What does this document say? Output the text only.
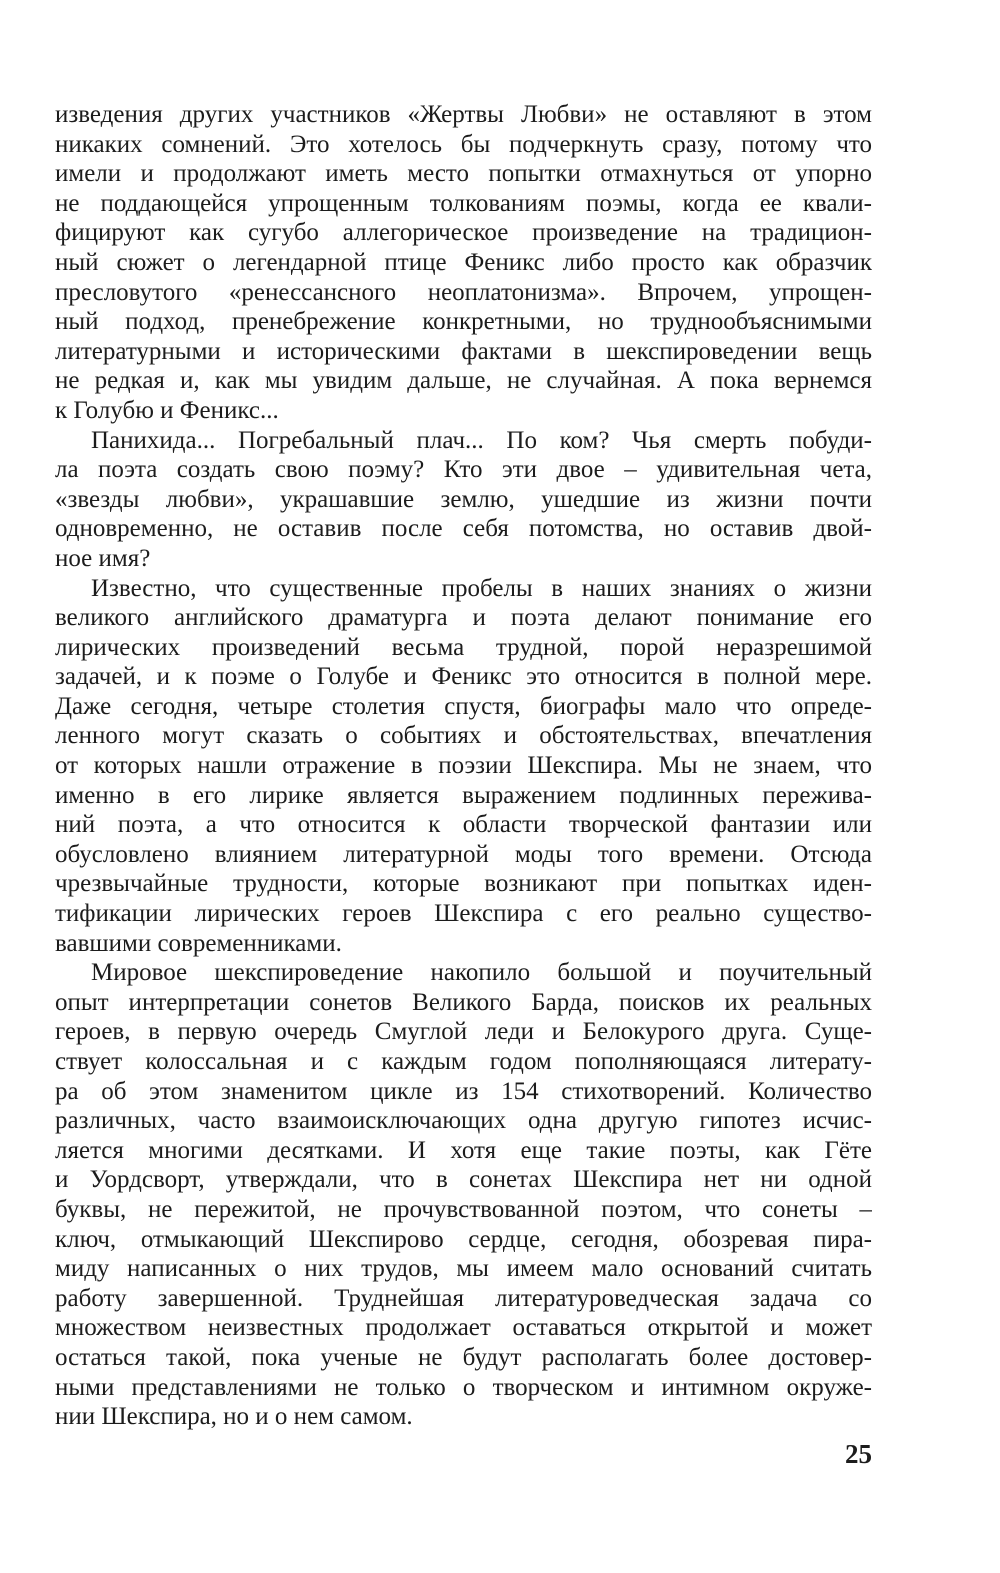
изведения других участников «Жертвы Любви» не оставляют в этом
никаких сомнений. Это хотелось бы подчеркнуть сразу, потому что
имели и продолжают иметь место попытки отмахнуться от упорно
не поддающейся упрощенным толкованиям поэмы, когда ее квали-
фицируют как сугубо аллегорическое произведение на традицион-
ный сюжет о легендарной птице Феникс либо просто как образчик
пресловутого «ренессансного неоплатонизма». Впрочем, упрощен-
ный подход, пренебрежение конкретными, но труднообъяснимыми
литературными и историческими фактами в шекспироведении вещь
не редкая и, как мы увидим дальше, не случайная. А пока вернемся
к Голубю и Феникс...
Панихида... Погребальный плач... По ком? Чья смерть побуди-
ла поэта создать свою поэму? Кто эти двое – удивительная чета,
«звезды любви», украшавшие землю, ушедшие из жизни почти
одновременно, не оставив после себя потомства, но оставив двой-
ное имя?
Известно, что существенные пробелы в наших знаниях о жизни
великого английского драматурга и поэта делают понимание его
лирических произведений весьма трудной, порой неразрешимой
задачей, и к поэме о Голубе и Феникс это относится в полной мере.
Даже сегодня, четыре столетия спустя, биографы мало что опреде-
ленного могут сказать о событиях и обстоятельствах, впечатления
от которых нашли отражение в поэзии Шекспира. Мы не знаем, что
именно в его лирике является выражением подлинных пережива-
ний поэта, а что относится к области творческой фантазии или
обусловлено влиянием литературной моды того времени. Отсюда
чрезвычайные трудности, которые возникают при попытках иден-
тификации лирических героев Шекспира с его реально существо-
вавшими современниками.
Мировое шекспироведение накопило большой и поучительный
опыт интерпретации сонетов Великого Барда, поисков их реальных
героев, в первую очередь Смуглой леди и Белокурого друга. Суще-
ствует колоссальная и с каждым годом пополняющаяся литерату-
ра об этом знаменитом цикле из 154 стихотворений. Количество
различных, часто взаимоисключающих одна другую гипотез исчис-
ляется многими десятками. И хотя еще такие поэты, как Гёте
и Уордсворт, утверждали, что в сонетах Шекспира нет ни одной
буквы, не пережитой, не прочувствованной поэтом, что сонеты –
ключ, отмыкающий Шекспирово сердце, сегодня, обозревая пира-
миду написанных о них трудов, мы имеем мало оснований считать
работу завершенной. Труднейшая литературоведческая задача со
множеством неизвестных продолжает оставаться открытой и может
остаться такой, пока ученые не будут располагать более достовер-
ными представлениями не только о творческом и интимном окруже-
нии Шекспира, но и о нем самом.
25
